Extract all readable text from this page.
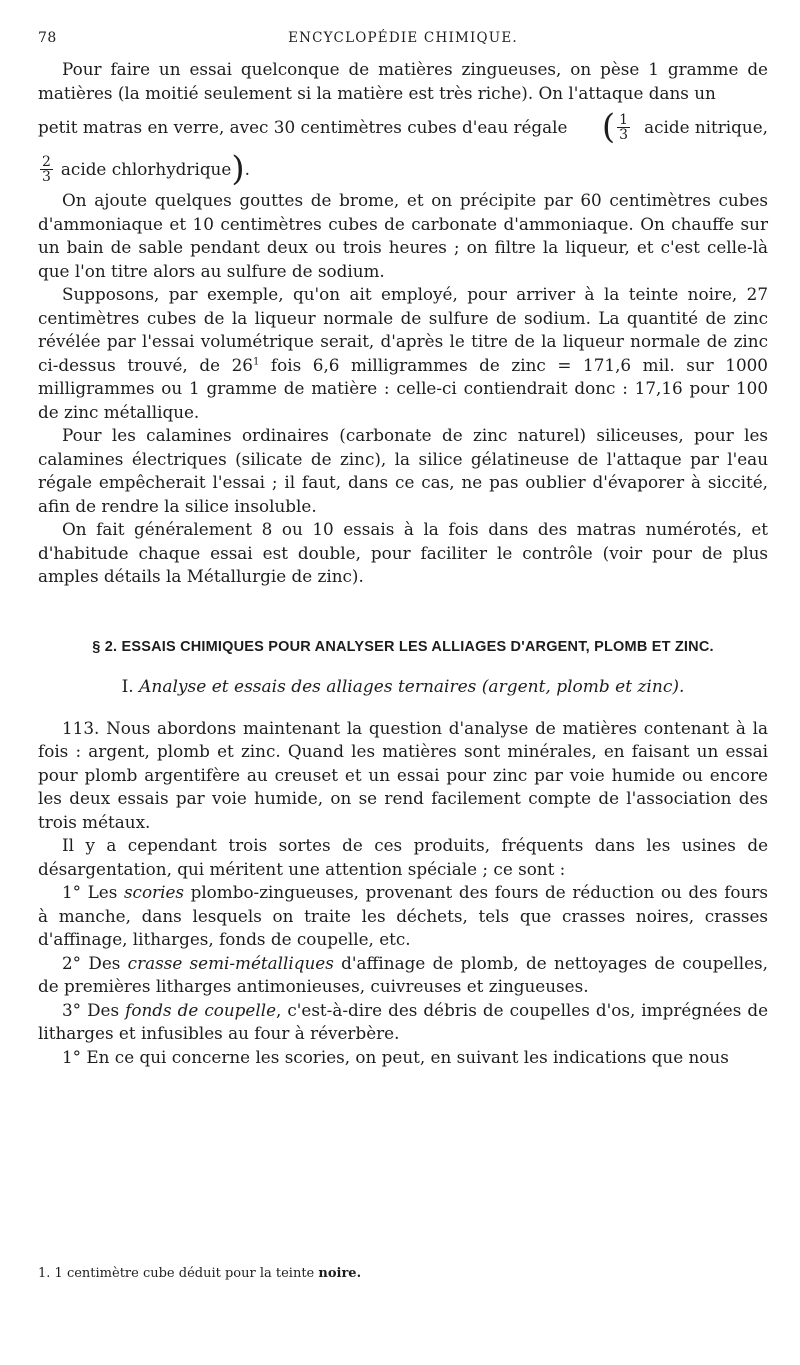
78	ENCYCLOPÉDIE CHIMIQUE.

Pour faire un essai quelconque de matières zingueuses, on pèse 1 gramme de matières (la moitié seulement si la matière est très riche). On l'attaque dans un

petit matras en verre, avec 30 centimètres cubes d'eau régale ( $\frac{1}{3}$ acide nitrique,
$\frac{2}{3}$ acide chlorhydrique ) .

On ajoute quelques gouttes de brome, et on précipite par 60 centimètres cubes d'ammoniaque et 10 centimètres cubes de carbonate d'ammoniaque. On chauffe sur un bain de sable pendant deux ou trois heures ; on filtre la liqueur, et c'est celle-là que l'on titre alors au sulfure de sodium.

Supposons, par exemple, qu'on ait employé, pour arriver à la teinte noire, 27 centimètres cubes de la liqueur normale de sulfure de sodium. La quantité de zinc révélée par l'essai volumétrique serait, d'après le titre de la liqueur normale de zinc ci-dessus trouvé, de $26^1$ fois 6,6 milligrammes de zinc = 171,6 mil. sur 1000 milligrammes ou 1 gramme de matière : celle-ci contiendrait donc : 17,16 pour 100 de zinc métallique.

Pour les calamines ordinaires (carbonate de zinc naturel) siliceuses, pour les calamines électriques (silicate de zinc), la silice gélatineuse de l'attaque par l'eau régale empêcherait l'essai ; il faut, dans ce cas, ne pas oublier d'évaporer à siccité, afin de rendre la silice insoluble.

On fait généralement 8 ou 10 essais à la fois dans des matras numérotés, et d'habitude chaque essai est double, pour faciliter le contrôle (voir pour de plus amples détails la Métallurgie de zinc).

§ 2. ESSAIS CHIMIQUES POUR ANALYSER LES ALLIAGES D'ARGENT, PLOMB ET ZINC.
I. Analyse et essais des alliages ternaires (argent, plomb et zinc).

113. Nous abordons maintenant la question d'analyse de matières contenant à la fois : argent, plomb et zinc. Quand les matières sont minérales, en faisant un essai pour plomb argentifère au creuset et un essai pour zinc par voie humide ou encore les deux essais par voie humide, on se rend facilement compte de l'association des trois métaux.

Il y a cependant trois sortes de ces produits, fréquents dans les usines de désargentation, qui méritent une attention spéciale ; ce sont :

1° Les scories plombo-zingueuses, provenant des fours de réduction ou des fours à manche, dans lesquels on traite les déchets, tels que crasses noires, crasses d'affinage, litharges, fonds de coupelle, etc.

2° Des crasse semi-métalliques d'affinage de plomb, de nettoyages de coupelles, de premières litharges antimonieuses, cuivreuses et zingueuses.

3° Des fonds de coupelle, c'est-à-dire des débris de coupelles d'os, imprégnées de litharges et infusibles au four à réverbère.

1° En ce qui concerne les scories, on peut, en suivant les indications que nous

1. 1 centimètre cube déduit pour la teinte noire.
